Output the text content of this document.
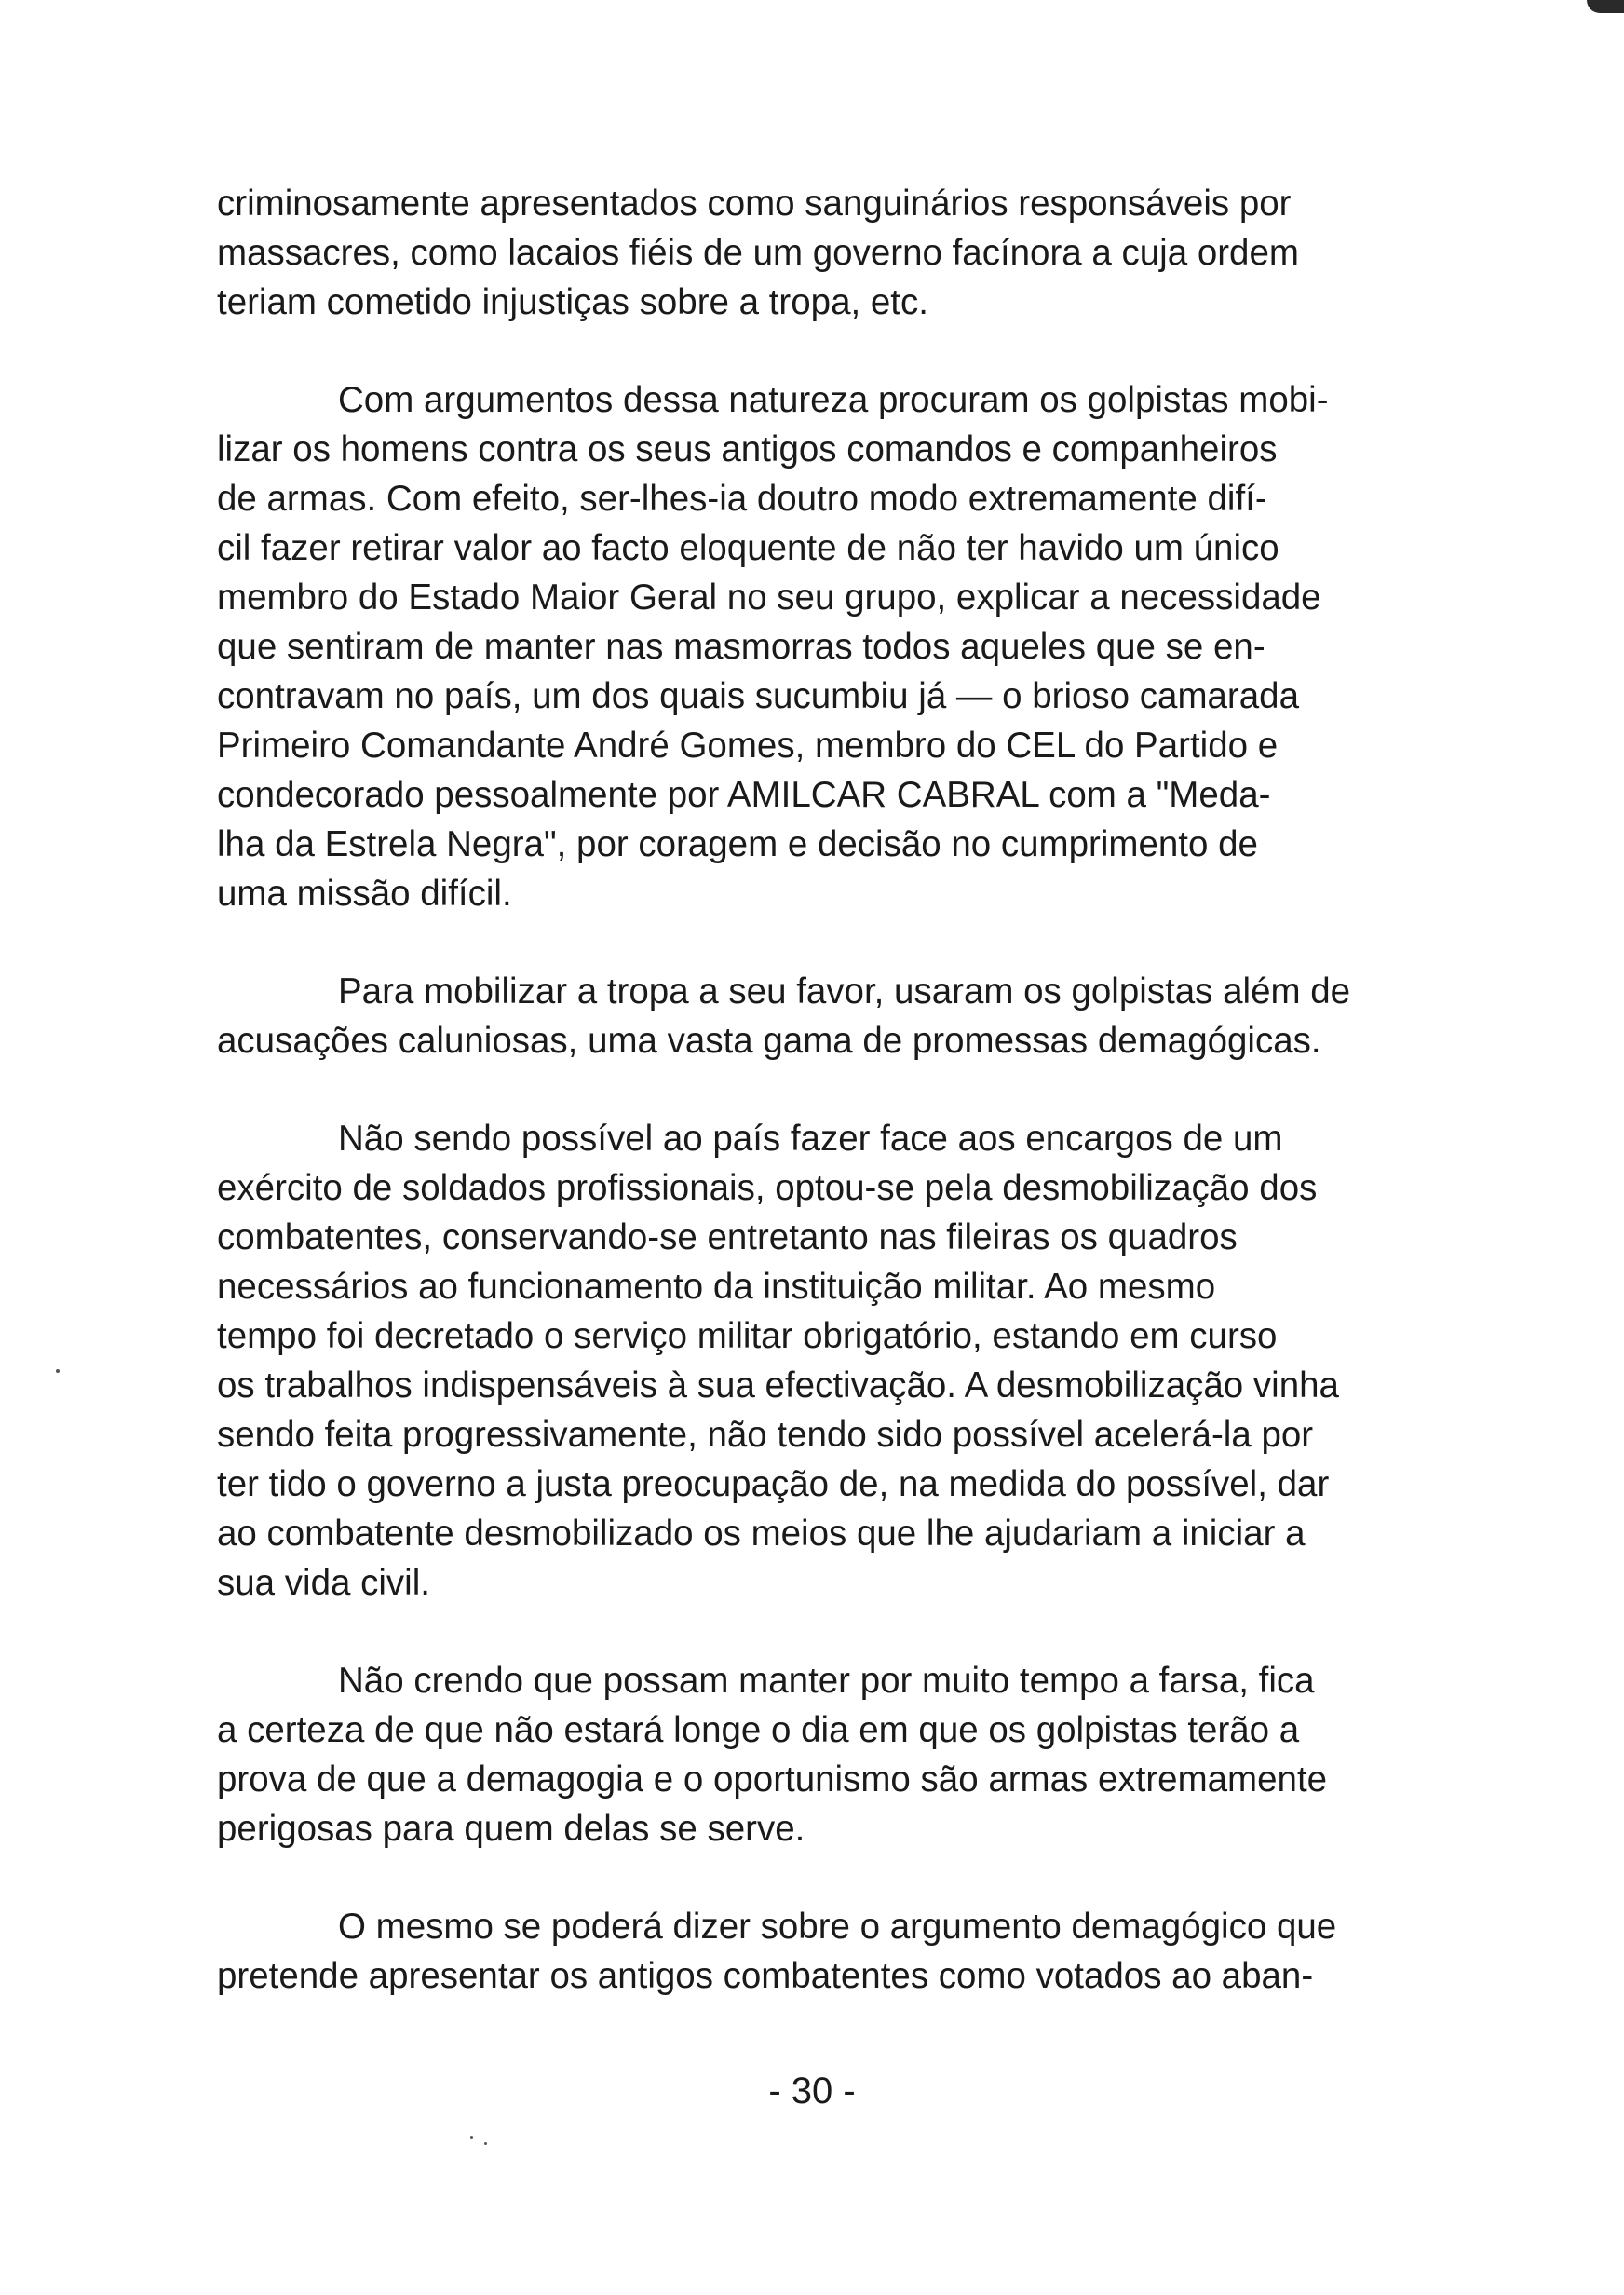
criminosamente apresentados como sanguinários responsáveis por
massacres, como lacaios fiéis de um governo facínora a cuja ordem
teriam cometido injustiças sobre a tropa, etc.

Com argumentos dessa natureza procuram os golpistas mobi-
lizar os homens contra os seus antigos comandos e companheiros
de armas. Com efeito, ser-lhes-ia doutro modo extremamente difí-
cil fazer retirar valor ao facto eloquente de não ter havido um único
membro do Estado Maior Geral no seu grupo, explicar a necessidade
que sentiram de manter nas masmorras todos aqueles que se en-
contravam no país, um dos quais sucumbiu já — o brioso camarada
Primeiro Comandante André Gomes, membro do CEL do Partido e
condecorado pessoalmente por AMILCAR CABRAL com a "Meda-
lha da Estrela Negra", por coragem e decisão no cumprimento de
uma missão difícil.

Para mobilizar a tropa a seu favor, usaram os golpistas além de
acusações caluniosas, uma vasta gama de promessas demagógicas.

Não sendo possível ao país fazer face aos encargos de um
exército de soldados profissionais, optou-se pela desmobilização dos
combatentes, conservando-se entretanto nas fileiras os quadros
necessários ao funcionamento da instituição militar. Ao mesmo
tempo foi decretado o serviço militar obrigatório, estando em curso
os trabalhos indispensáveis à sua efectivação. A desmobilização vinha
sendo feita progressivamente, não tendo sido possível acelerá-la por
ter tido o governo a justa preocupação de, na medida do possível, dar
ao combatente desmobilizado os meios que lhe ajudariam a iniciar a
sua vida civil.

Não crendo que possam manter por muito tempo a farsa, fica
a certeza de que não estará longe o dia em que os golpistas terão a
prova de que a demagogia e o oportunismo são armas extremamente
perigosas para quem delas se serve.

O mesmo se poderá dizer sobre o argumento demagógico que
pretende apresentar os antigos combatentes como votados ao aban-

- 30 -
